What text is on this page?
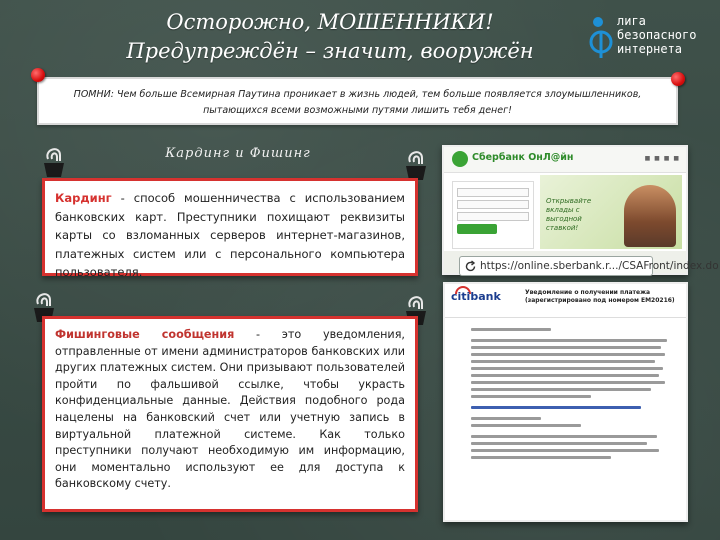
Осторожно, МОШЕННИКИ!
Предупреждён – значит, вооружён
лига
безопасного
интернета
ПОМНИ: Чем больше Всемирная Паутина проникает в жизнь людей, тем больше появляется злоумышленников, пытающихся всеми возможными путями лишить тебя денег!
Кардинг и Фишинг
Кардинг - способ мошенничества с использованием банковских карт. Преступники похищают реквизиты карты со взломанных серверов интернет-магазинов, платежных систем или с персонального компьютера пользователя.
Фишинговые сообщения - это уведомления, отправленные от имени администраторов банковских или других платежных систем. Они призывают пользователей пройти по фальшивой ссылке, чтобы украсть конфиденциальные данные. Действия подобного рода нацелены на банковский счет или учетную запись в виртуальной платежной системе. Как только преступники получают необходимую им информацию, они моментально используют ее для доступа к банковскому счету.
Сбербанк ОнЛ@йн	■ ■ ■ ■
Открывайте вклады с выгодной ставкой!
https://online.sberbank.r.../CSAFront/index.do
citibank	Уведомление о получении платежа (зарегистрировано под номером EM20216)
